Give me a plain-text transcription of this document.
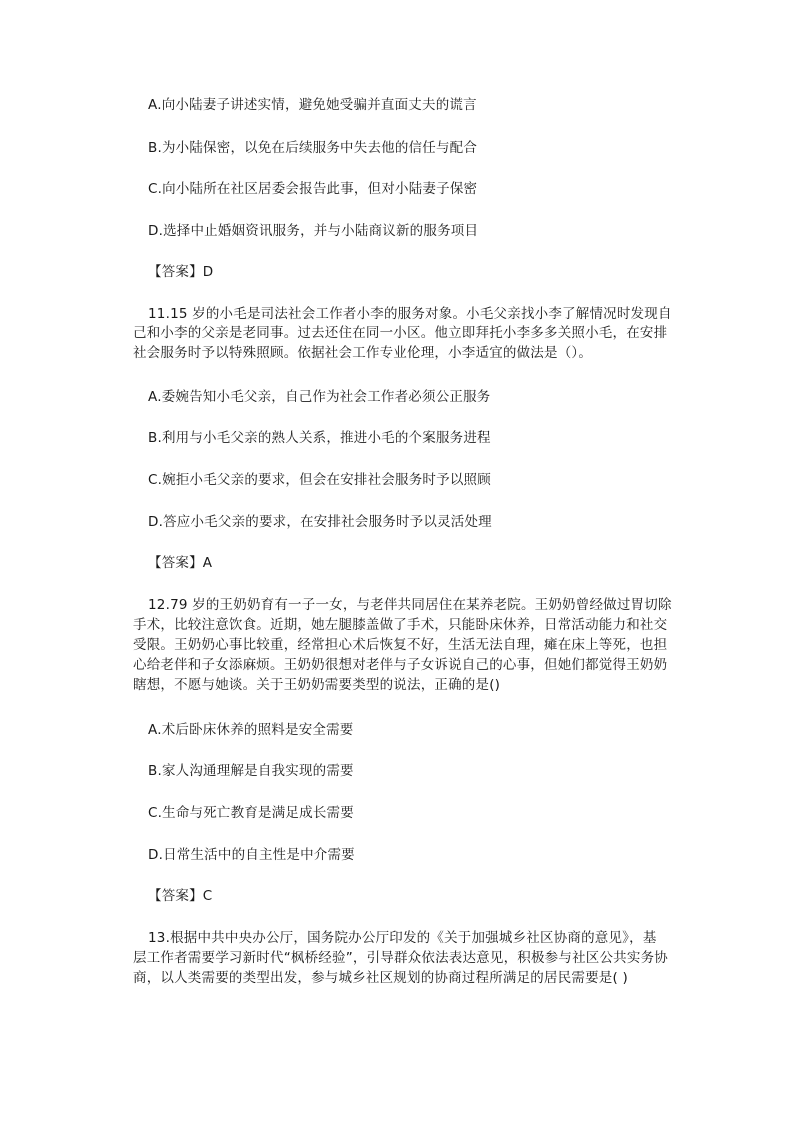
A.向小陆妻子讲述实情，避免她受骗并直面丈夫的谎言
B.为小陆保密，以免在后续服务中失去他的信任与配合
C.向小陆所在社区居委会报告此事，但对小陆妻子保密
D.选择中止婚姻资讯服务，并与小陆商议新的服务项目
【答案】D
11.15 岁的小毛是司法社会工作者小李的服务对象。小毛父亲找小李了解情况时发现自
己和小李的父亲是老同事。过去还住在同一小区。他立即拜托小李多多关照小毛，在安排
社会服务时予以特殊照顾。依据社会工作专业伦理，小李适宜的做法是（）。
A.委婉告知小毛父亲，自己作为社会工作者必须公正服务
B.利用与小毛父亲的熟人关系，推进小毛的个案服务进程
C.婉拒小毛父亲的要求，但会在安排社会服务时予以照顾
D.答应小毛父亲的要求，在安排社会服务时予以灵活处理
【答案】A
12.79 岁的王奶奶育有一子一女，与老伴共同居住在某养老院。王奶奶曾经做过胃切除
手术，比较注意饮食。近期，她左腿膝盖做了手术，只能卧床休养，日常活动能力和社交
受限。王奶奶心事比较重，经常担心术后恢复不好，生活无法自理，瘫在床上等死，也担
心给老伴和子女添麻烦。王奶奶很想对老伴与子女诉说自己的心事，但她们都觉得王奶奶
瞎想，不愿与她谈。关于王奶奶需要类型的说法，正确的是()
A.术后卧床休养的照料是安全需要
B.家人沟通理解是自我实现的需要
C.生命与死亡教育是满足成长需要
D.日常生活中的自主性是中介需要
【答案】C
13.根据中共中央办公厅，国务院办公厅印发的《关于加强城乡社区协商的意见》，基
层工作者需要学习新时代“枫桥经验”，引导群众依法表达意见，积极参与社区公共实务协
商，以人类需要的类型出发，参与城乡社区规划的协商过程所满足的居民需要是( )
